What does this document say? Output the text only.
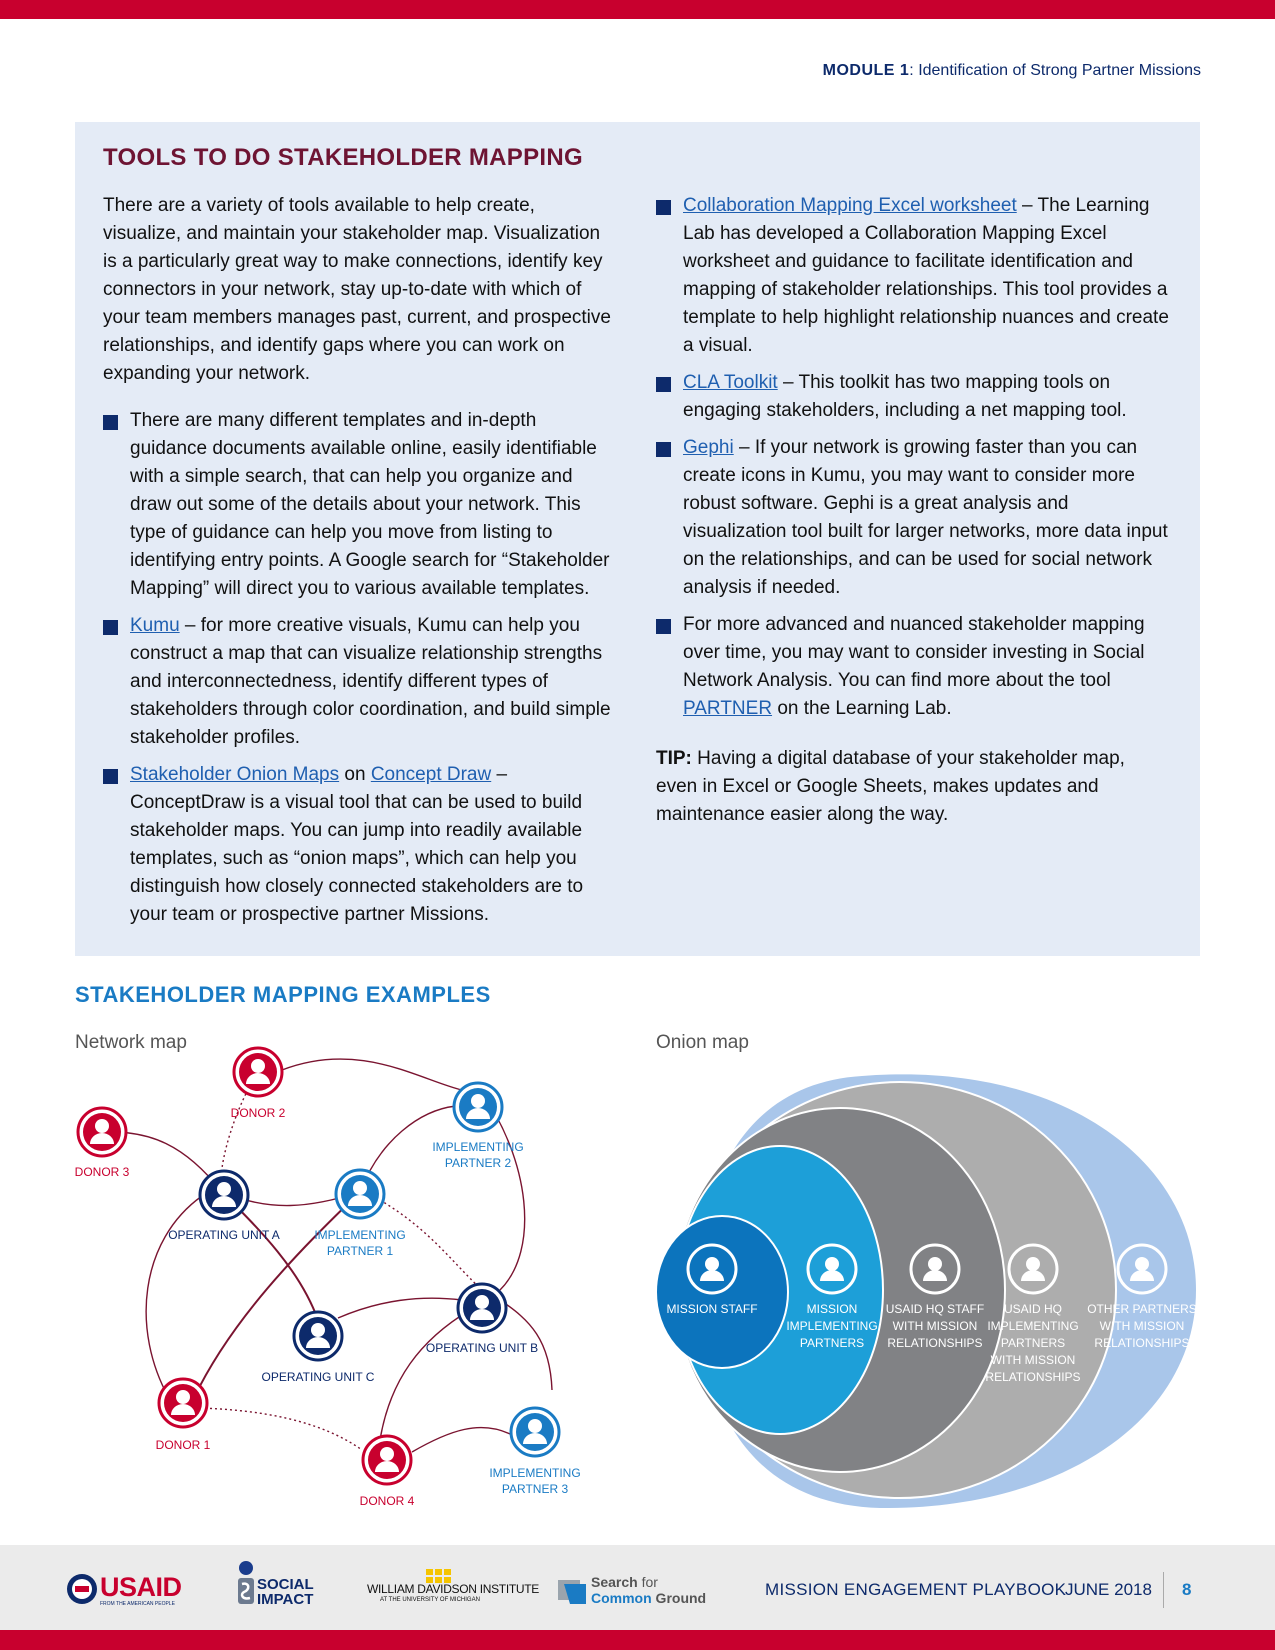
MODULE 1: Identification of Strong Partner Missions
TOOLS TO DO STAKEHOLDER MAPPING

There are a variety of tools available to help create, visualize, and maintain your stakeholder map. Visualization is a particularly great way to make connections, identify key connectors in your network, stay up-to-date with which of your team members manages past, current, and prospective relationships, and identify gaps where you can work on expanding your network.

There are many different templates and in-depth guidance documents available online, easily identifiable with a simple search, that can help you organize and draw out some of the details about your network. This type of guidance can help you move from listing to identifying entry points. A Google search for “Stakeholder Mapping” will direct you to various available templates.
Kumu – for more creative visuals, Kumu can help you construct a map that can visualize relationship strengths and interconnectedness, identify different types of stakeholders through color coordination, and build simple stakeholder profiles.
Stakeholder Onion Maps on Concept Draw – ConceptDraw is a visual tool that can be used to build stakeholder maps. You can jump into readily available templates, such as “onion maps”, which can help you distinguish how closely connected stakeholders are to your team or prospective partner Missions.
Collaboration Mapping Excel worksheet – The Learning Lab has developed a Collaboration Mapping Excel worksheet and guidance to facilitate identification and mapping of stakeholder relationships. This tool provides a template to help highlight relationship nuances and create a visual.
CLA Toolkit – This toolkit has two mapping tools on engaging stakeholders, including a net mapping tool.
Gephi – If your network is growing faster than you can create icons in Kumu, you may want to consider more robust software. Gephi is a great analysis and visualization tool built for larger networks, more data input on the relationships, and can be used for social network analysis if needed.
For more advanced and nuanced stakeholder mapping over time, you may want to consider investing in Social Network Analysis. You can find more about the tool PARTNER on the Learning Lab.

TIP: Having a digital database of your stakeholder map, even in Excel or Google Sheets, makes updates and maintenance easier along the way.

STAKEHOLDER MAPPING EXAMPLES
Network map	Onion map
DONOR 2
DONOR 3
IMPLEMENTING
PARTNER 2
OPERATING UNIT A	IMPLEMENTING
PARTNER 1
OPERATING UNIT B
OPERATING UNIT C
DONOR 1
DONOR 4
IMPLEMENTING
PARTNER 3
MISSION STAFF	MISSION
IMPLEMENTING
PARTNERS
USAID HQ STAFF
WITH MISSION
RELATIONSHIPS
USAID HQ
IMPLEMENTING
PARTNERS
WITH MISSION
RELATIONSHIPS
OTHER PARTNERS
WITH MISSION
RELATIONSHIPS
USAID
FROM THE AMERICAN PEOPLE
SOCIAL
IMPACT
WILLIAM DAVIDSON INSTITUTE
AT THE UNIVERSITY OF MICHIGAN
Search for
Common Ground	MISSION ENGAGEMENT PLAYBOOK
JUNE 2018 8
